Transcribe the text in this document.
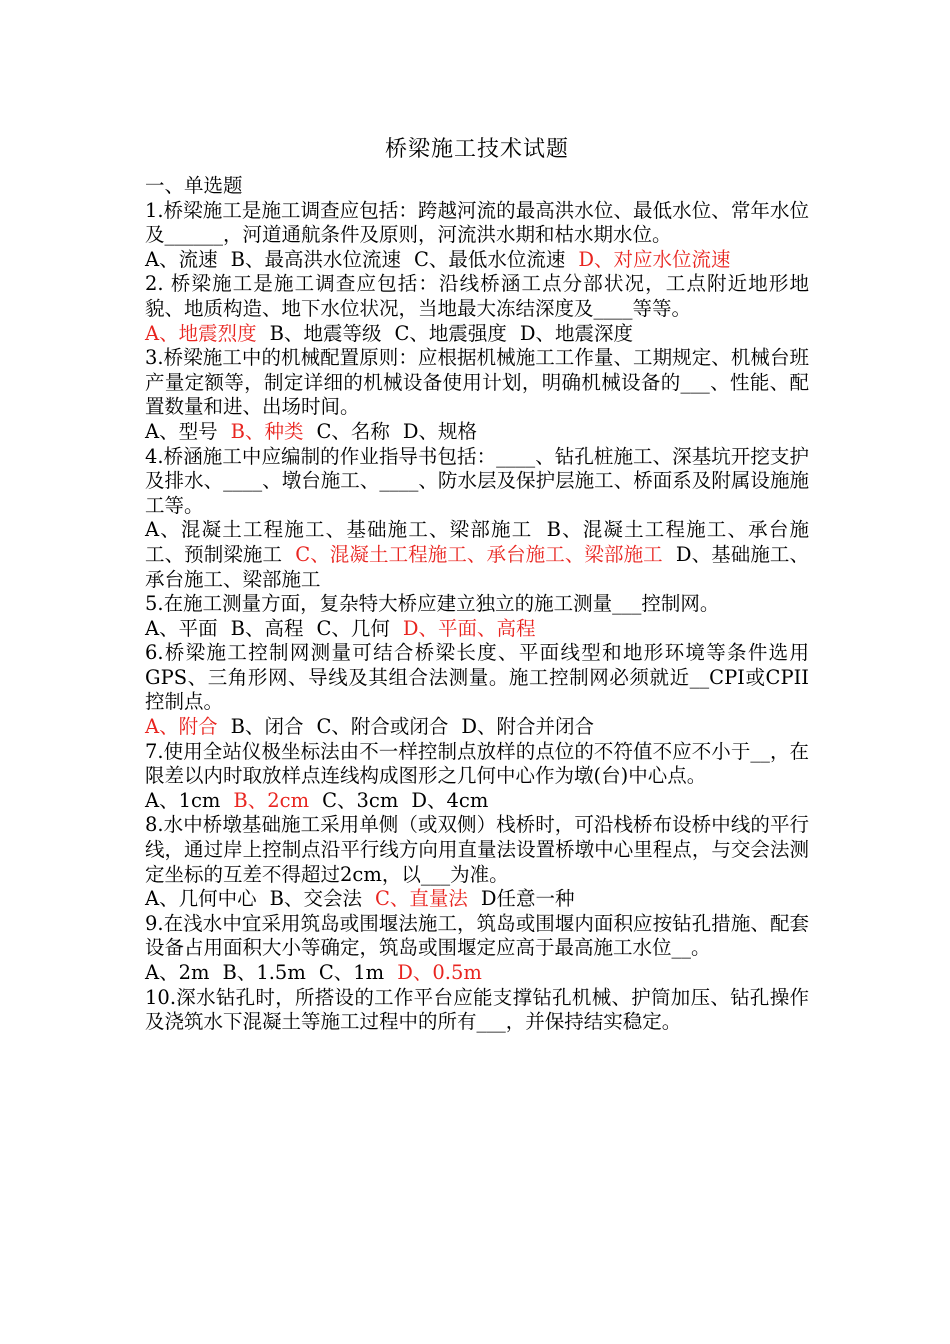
桥梁施工技术试题
一、单选题
1.桥梁施工是施工调查应包括：跨越河流的最高洪水位、最低水位、常年水位及______，河道通航条件及原则，河流洪水期和枯水期水位。
A、流速 B、最高洪水位流速 C、最低水位流速 D、对应水位流速
2. 桥梁施工是施工调查应包括：沿线桥涵工点分部状况，工点附近地形地貌、地质构造、地下水位状况，当地最大冻结深度及____等等。
A、地震烈度 B、地震等级 C、地震强度 D、地震深度
3.桥梁施工中的机械配置原则：应根据机械施工工作量、工期规定、机械台班产量定额等，制定详细的机械设备使用计划，明确机械设备的___、性能、配置数量和进、出场时间。
A、型号 B、种类 C、名称 D、规格
4.桥涵施工中应编制的作业指导书包括：____、钻孔桩施工、深基坑开挖支护及排水、____、墩台施工、____、防水层及保护层施工、桥面系及附属设施施工等。
A、混凝土工程施工、基础施工、梁部施工 B、混凝土工程施工、承台施工、预制梁施工 C、混凝土工程施工、承台施工、梁部施工 D、基础施工、承台施工、梁部施工
5.在施工测量方面，复杂特大桥应建立独立的施工测量___控制网。
A、平面 B、高程 C、几何 D、平面、高程
6.桥梁施工控制网测量可结合桥梁长度、平面线型和地形环境等条件选用GPS、三角形网、导线及其组合法测量。施工控制网必须就近__CPI或CPII控制点。
A、附合 B、闭合 C、附合或闭合 D、附合并闭合
7.使用全站仪极坐标法由不一样控制点放样的点位的不符值不应不小于__，在限差以内时取放样点连线构成图形之几何中心作为墩(台)中心点。
A、1cm B、2cm C、3cm D、4cm
8.水中桥墩基础施工采用单侧（或双侧）栈桥时，可沿栈桥布设桥中线的平行线，通过岸上控制点沿平行线方向用直量法设置桥墩中心里程点，与交会法测定坐标的互差不得超过2cm，以___为准。
A、几何中心 B、交会法 C、直量法 D任意一种
9.在浅水中宜采用筑岛或围堰法施工，筑岛或围堰内面积应按钻孔措施、配套设备占用面积大小等确定，筑岛或围堰定应高于最高施工水位__。
A、2m B、1.5m C、1m D、0.5m
10.深水钻孔时，所搭设的工作平台应能支撑钻孔机械、护筒加压、钻孔操作及浇筑水下混凝土等施工过程中的所有___，并保持结实稳定。
